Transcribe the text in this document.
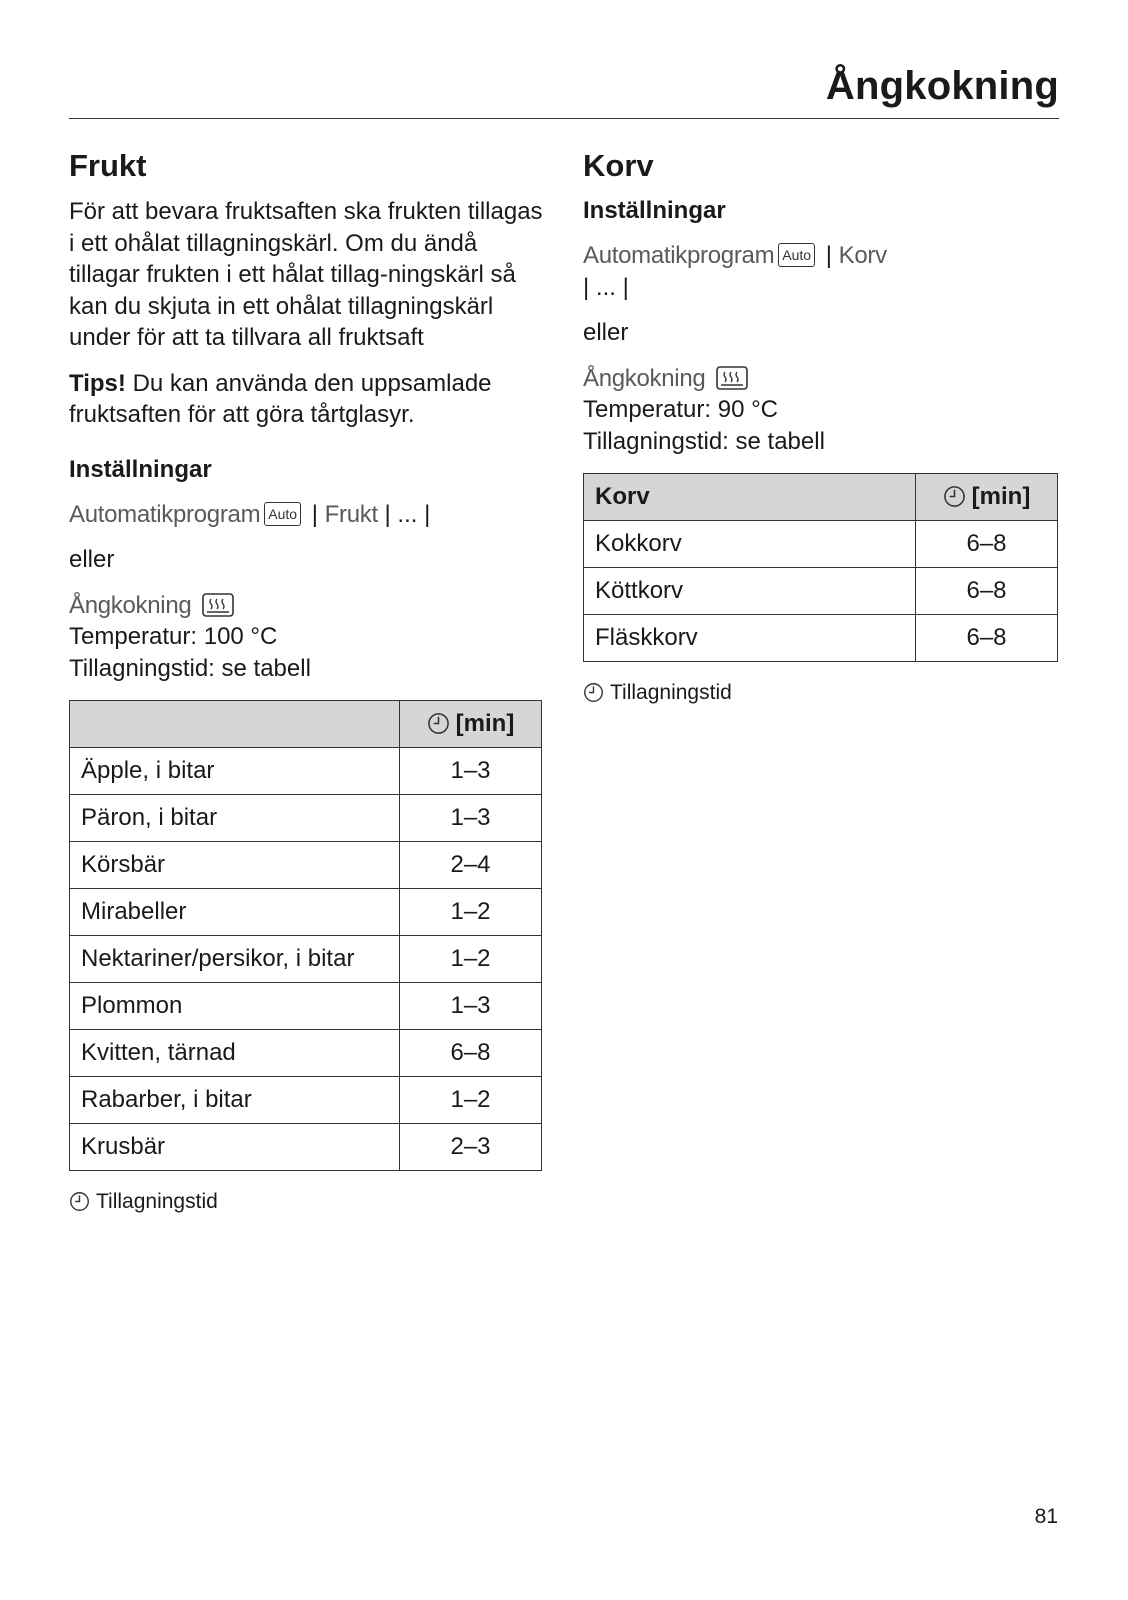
Ångkokning
Frukt

För att bevara fruktsaften ska frukten tillagas i ett ohålat tillagningskärl. Om du ändå tillagar frukten i ett hålat tillag-ningskärl så kan du skjuta in ett ohålat tillagningskärl under för att ta tillvara all fruktsaft

Tips! Du kan använda den uppsamlade fruktsaften för att göra tårtglasyr.

Inställningar
Automatikprogram Auto | Frukt | ... |

eller

Ångkokning

Temperatur: 100 °C

Tillagningstid: se tabell

	[min]
Äpple, i bitar	1–3
Päron, i bitar	1–3
Körsbär	2–4
Mirabeller	1–2
Nektariner/persikor, i bitar	1–2
Plommon	1–3
Kvitten, tärnad	6–8
Rabarber, i bitar	1–2
Krusbär	2–3
Tillagningstid
Korv
Inställningar
Automatikprogram Auto | Korv
| ... |

eller

Ångkokning

Temperatur: 90 °C

Tillagningstid: se tabell

Korv	[min]
Kokkorv	6–8
Köttkorv	6–8
Fläskkorv	6–8
Tillagningstid
81
